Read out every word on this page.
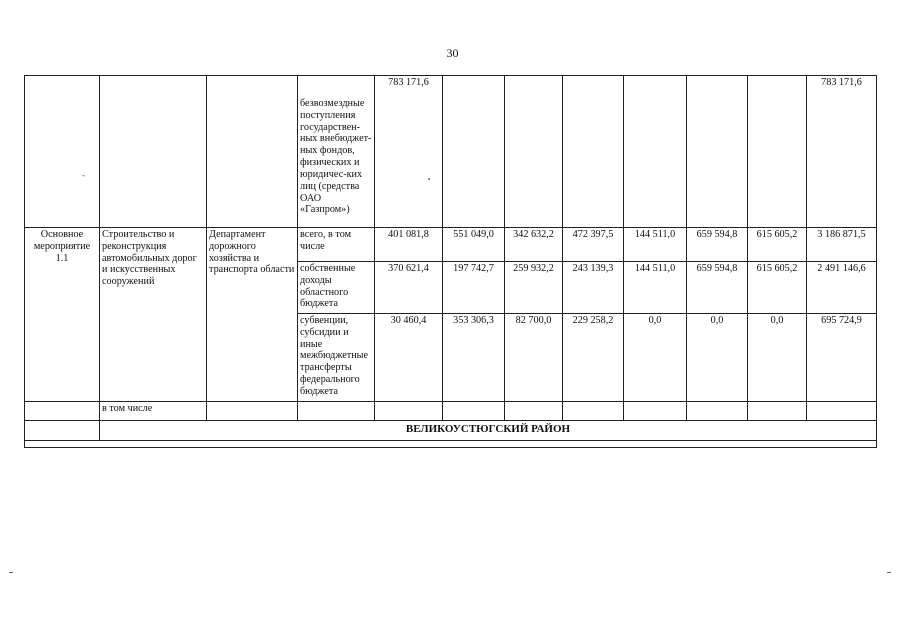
30
-
			безвозмездные поступления государствен-ных внебюджет-ных фондов, физических и юридичес-ких лиц (средства ОАО «Газпром»)	783 171,6							783 171,6
Основное мероприятие 1.1	Строительство и реконструкция автомобильных дорог и искусственных сооружений	Департамент дорожного хозяйства и транспорта области	всего, в том числе	401 081,8	551 049,0	342 632,2	472 397,5	144 511,0	659 594,8	615 605,2	3 186 871,5
			собственные доходы областного бюджета	370 621,4	197 742,7	259 932,2	243 139,3	144 511,0	659 594,8	615 605,2	2 491 146,6
			субвенции, субсидии и иные межбюджетные трансферты федерального бюджета	30 460,4	353 306,3	82 700,0	229 258,2	0,0	0,0	0,0	695 724,9
	в том числе										
	ВЕЛИКОУСТЮГСКИЙ РАЙОН										
